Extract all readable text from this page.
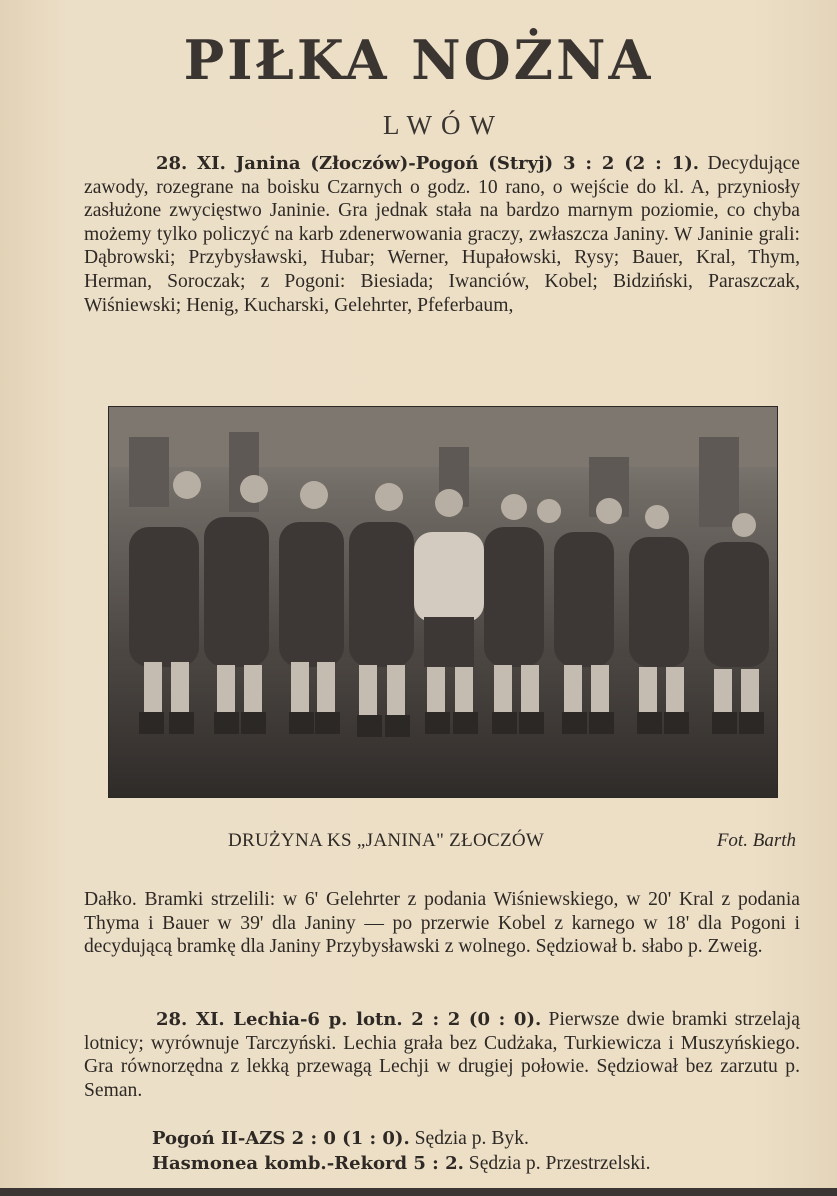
PIŁKA NOŻNA
LWÓW
28. XI. Janina (Złoczów)-Pogoń (Stryj) 3 : 2 (2 : 1). Decydujące zawody, rozegrane na boisku Czarnych o godz. 10 rano, o wejście do kl. A, przyniosły zasłużone zwycięstwo Janinie. Gra jednak stała na bardzo marnym poziomie, co chyba możemy tylko policzyć na karb zdenerwowania graczy, zwłaszcza Janiny. W Janinie grali: Dąbrowski; Przybysławski, Hubar; Werner, Hupałowski, Rysy; Bauer, Kral, Thym, Herman, Soroczak; z Pogoni: Biesiada; Iwanciów, Kobel; Bidziński, Paraszczak, Wiśniewski; Henig, Kucharski, Gelehrter, Pfeferbaum,
DRUŻYNA KS „JANINA" ZŁOCZÓW	Fot. Barth
Dałko. Bramki strzelili: w 6' Gelehrter z podania Wiśniewskiego, w 20' Kral z podania Thyma i Bauer w 39' dla Janiny — po przerwie Kobel z karnego w 18' dla Pogoni i decydującą bramkę dla Janiny Przybysławski z wolnego. Sędziował b. słabo p. Zweig.
28. XI. Lechia-6 p. lotn. 2 : 2 (0 : 0). Pierwsze dwie bramki strzelają lotnicy; wyrównuje Tarczyński. Lechia grała bez Cudżaka, Turkiewicza i Muszyńskiego. Gra równorzędna z lekką przewagą Lechji w drugiej połowie. Sędziował bez zarzutu p. Seman.
Pogoń II-AZS 2 : 0 (1 : 0). Sędzia p. Byk.
Hasmonea komb.-Rekord 5 : 2. Sędzia p. Przestrzelski.
